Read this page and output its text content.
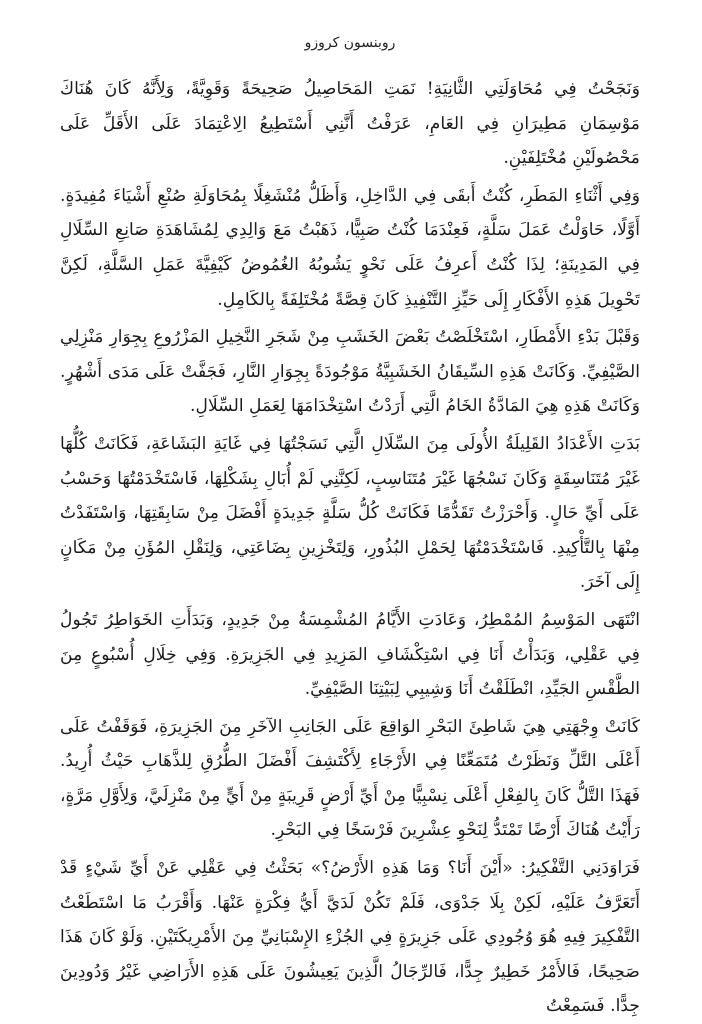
روبنسون كروزو

وَنَجَحْتُ فِي مُحَاوَلَتِي الثَّانِيَةِ! نَمَتِ المَحَاصِيلُ صَحِيحَةً وَقَوِيَّةً، وَلِأَنَّهُ كَانَ هُنَاكَ مَوْسِمَانِ مَطِيرَانِ فِي العَامِ، عَرَفْتُ أَنَّنِي أَسْتَطِيعُ الِاعْتِمَادَ عَلَى الأَقَلِّ عَلَى مَحْصُولَيْنِ مُخْتَلِفَيْنِ.

وَفِي أَثْنَاءِ المَطَرِ، كُنْتُ أَبقَى فِي الدَّاخِلِ، وَأَظَلُّ مُنْشَغِلًا بِمُحَاوَلَةِ صُنْعِ أَشْيَاءَ مُفِيدَةٍ. أَوَّلًا، حَاوَلْتُ عَمَلَ سَلَّةٍ، فَعِنْدَمَا كُنْتُ صَبِيًّا، ذَهَبْتُ مَعَ وَالِدِي لِمُشَاهَدَةِ صَانِعِ السِّلَالِ فِي المَدِينَةِ؛ لِذَا كُنْتُ أَعرِفُ عَلَى نَحْوٍ يَشُوبُهُ الغُمُوضُ كَيْفِيَّةَ عَمَلِ السَّلَّةِ، لَكِنَّ تَحْوِيلَ هَذِهِ الأَفْكَارِ إِلَى حَيِّزِ التَّنْفِيذِ كَانَ قِصَّةً مُخْتَلِفَةً بِالكَامِلِ.

وَقَبْلَ بَدْءِ الأَمْطَارِ، اسْتَخْلَصْتُ بَعْضَ الخَشَبِ مِنْ شَجَرِ النَّخِيلِ المَزْرُوعِ بِجِوَارِ مَنْزِلِي الصَّيْفِيِّ. وَكَانَتْ هَذِهِ السِّيقَانُ الخَشَبِيَّةُ مَوْجُودَةً بِجِوَارِ النَّارِ، فَجَفَّتْ عَلَى مَدَى أَشْهُرٍ. وَكَانَتْ هَذِهِ هِيَ المَادَّةُ الخَامُ الَّتِي أَرَدْتُ اسْتِخْدَامَهَا لِعَمَلِ السِّلَالِ.

بَدَتِ الأَعْدَادُ القَلِيلَةُ الأُولَى مِنَ السِّلَالِ الَّتِي نَسَجْتُهَا فِي غَايَةِ البَشَاعَةِ، فَكَانَتْ كُلُّهَا غَيْرَ مُتَنَاسِقَةٍ وَكَانَ نَسْجُهَا غَيْرَ مُتَنَاسِبٍ، لَكِنَّنِي لَمْ أُبَالِ بِشَكْلِهَا، فَاسْتَخْدَمْتُهَا وَحَسْبُ عَلَى أَيِّ حَالٍ. وَأَحْرَزْتُ تَقَدُّمًا فَكَانَتْ كُلُّ سَلَّةٍ جَدِيدَةٍ أَفْضَلَ مِنْ سَابِقَتِهَا، وَاسْتَفَدْتُ مِنْهَا بِالتَّأْكِيدِ. فَاسْتَخْدَمْتُهَا لِحَمْلِ البُذُورِ، وَلِتَخْزِينِ بِضَاعَتِي، وَلِنَقْلِ المُؤَنِ مِنْ مَكَانٍ إِلَى آخَرَ.

انْتَهَى المَوْسِمُ المُمْطِرُ، وَعَادَتِ الأَيَّامُ المُشْمِسَةُ مِنْ جَدِيدٍ، وَبَدَأَتِ الخَوَاطِرُ تَجُولُ فِي عَقْلِي، وَبَدَأْتُ أَنَا فِي اسْتِكْشَافِ المَزِيدِ فِي الجَزِيرَةِ. وَفِي خِلَالِ أُسْبُوعٍ مِنَ الطَّقْسِ الجَيِّدِ، انْطَلَقْتُ أَنَا وَشِيبِي لِبَيْتِنَا الصَّيْفِيِّ.

كَانَتْ وِجْهَتِي هِيَ شَاطِئَ البَحْرِ الوَاقِعَ عَلَى الجَانِبِ الآخَرِ مِنَ الجَزِيرَةِ، فَوَقَفْتُ عَلَى أَعْلَى التَّلِّ وَنَظَرْتُ مُتَمَعِّنًا فِي الأَرْجَاءِ لِأَكْتَشِفَ أَفْضَلَ الطُّرُقِ لِلذَّهَابِ حَيْثُ أُرِيدُ. فَهَذَا التَّلُّ كَانَ بِالفِعْلِ أَعْلَى نِسْبِيًّا مِنْ أَيِّ أَرْضٍ قَرِيبَةٍ مِنْ أَيٍّ مِنْ مَنْزِلَيَّ، وَلِأَوَّلِ مَرَّةٍ، رَأَيْتُ هُنَاكَ أَرْضًا تَمْتَدُّ لِنَحْوِ عِشْرِينَ فَرْسَخًا فِي البَحْرِ.

فَرَاوَدَنِي التَّفْكِيرُ: «أَيْنَ أَنَا؟ وَمَا هَذِهِ الأَرْضُ؟» بَحَثْتُ فِي عَقْلِي عَنْ أَيِّ شَيْءٍ قَدْ أَتَعَرَّفُ عَلَيْهِ، لَكِنْ بِلَا جَدْوَى، فَلَمْ تَكُنْ لَدَيَّ أَيُّ فِكْرَةٍ عَنْهَا. وَأَقْرَبُ مَا اسْتَطَعْتُ التَّفْكِيرَ فِيهِ هُوَ وُجُودِي عَلَى جَزِيرَةٍ فِي الجُزْءِ الإِسْبَانِيِّ مِنَ الأَمْرِيكَتَيْنِ. وَلَوْ كَانَ هَذَا صَحِيحًا، فَالأَمْرُ خَطِيرٌ جِدًّا، فَالرِّجَالُ الَّذِينَ يَعِيشُونَ عَلَى هَذِهِ الأَرَاضِي غَيْرُ وَدُودِينَ جِدًّا. فَسَمِعْتُ
